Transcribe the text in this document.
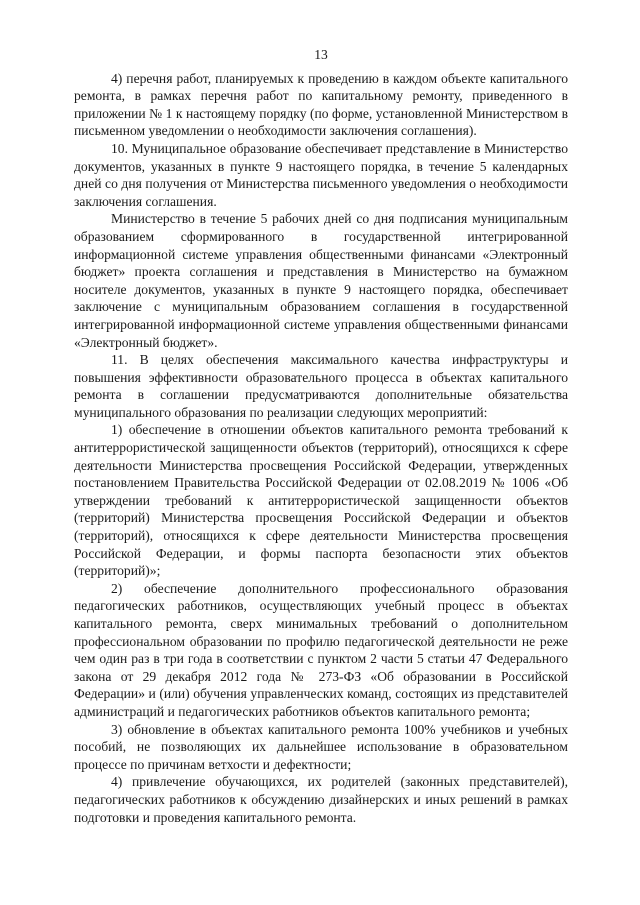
13

4) перечня работ, планируемых к проведению в каждом объекте капитального ремонта, в рамках перечня работ по капитальному ремонту, приведенного в приложении № 1 к настоящему порядку (по форме, установленной Министерством в письменном уведомлении о необходимости заключения соглашения).

10. Муниципальное образование обеспечивает представление в Министерство документов, указанных в пункте 9 настоящего порядка, в течение 5 календарных дней со дня получения от Министерства письменного уведомления о необходимости заключения соглашения.

Министерство в течение 5 рабочих дней со дня подписания муниципальным образованием сформированного в государственной интегрированной информационной системе управления общественными финансами «Электронный бюджет» проекта соглашения и представления в Министерство на бумажном носителе документов, указанных в пункте 9 настоящего порядка, обеспечивает заключение с муниципальным образованием соглашения в государственной интегрированной информационной системе управления общественными финансами «Электронный бюджет».

11. В целях обеспечения максимального качества инфраструктуры и повышения эффективности образовательного процесса в объектах капитального ремонта в соглашении предусматриваются дополнительные обязательства муниципального образования по реализации следующих мероприятий:

1) обеспечение в отношении объектов капитального ремонта требований к антитеррористической защищенности объектов (территорий), относящихся к сфере деятельности Министерства просвещения Российской Федерации, утвержденных постановлением Правительства Российской Федерации от 02.08.2019 № 1006 «Об утверждении требований к антитеррористической защищенности объектов (территорий) Министерства просвещения Российской Федерации и объектов (территорий), относящихся к сфере деятельности Министерства просвещения Российской Федерации, и формы паспорта безопасности этих объектов (территорий)»;

2) обеспечение дополнительного профессионального образования педагогических работников, осуществляющих учебный процесс в объектах капитального ремонта, сверх минимальных требований о дополнительном профессиональном образовании по профилю педагогической деятельности не реже чем один раз в три года в соответствии с пунктом 2 части 5 статьи 47 Федерального закона от 29 декабря 2012 года № 273-ФЗ «Об образовании в Российской Федерации» и (или) обучения управленческих команд, состоящих из представителей администраций и педагогических работников объектов капитального ремонта;

3) обновление в объектах капитального ремонта 100% учебников и учебных пособий, не позволяющих их дальнейшее использование в образовательном процессе по причинам ветхости и дефектности;

4) привлечение обучающихся, их родителей (законных представителей), педагогических работников к обсуждению дизайнерских и иных решений в рамках подготовки и проведения капитального ремонта.
